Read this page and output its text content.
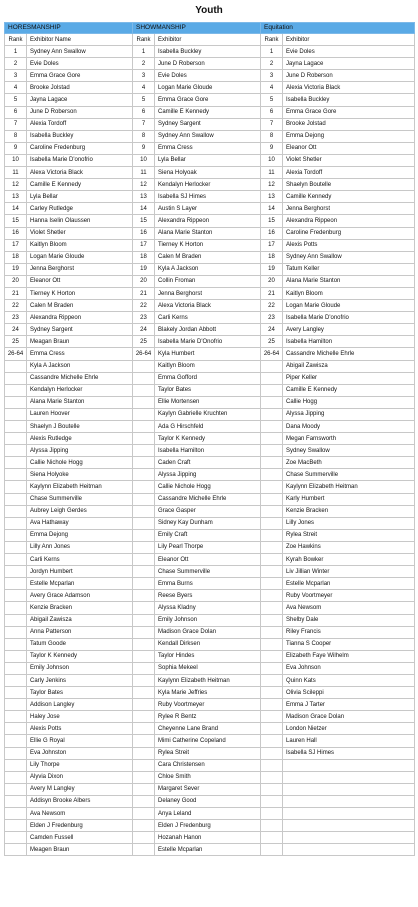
Youth
HORESMANSHIP		SHOWMANSHIP		Equitation	
Rank	Exhibitor Name	Rank	Exhibitor	Rank	Exhibitor
1	Sydney Ann Swallow	1	Isabella Buckley	1	Evie Doles
2	Evie Doles	2	June D Roberson	2	Jayna Lagace
3	Emma Grace Gore	3	Evie Doles	3	June D Roberson
4	Brooke Jolstad	4	Logan Marie Gloude	4	Alexia Victoria Black
5	Jayna Lagace	5	Emma Grace Gore	5	Isabella Buckley
6	June D Roberson	6	Camille E Kennedy	6	Emma Grace Gore
7	Alexia Tordoff	7	Sydney Sargent	7	Brooke Jolstad
8	Isabella Buckley	8	Sydney Ann Swallow	8	Emma Dejong
9	Caroline Fredenburg	9	Emma Cress	9	Eleanor Ott
10	Isabella Marie D'onofrio	10	Lyla Bellar	10	Violet Shetler
11	Alexa Victoria Black	11	Siena Holyoak	11	Alexia Tordoff
12	Camille E Kennedy	12	Kendalyn Herlocker	12	Shaelyn Boutelle
13	Lyla Bellar	13	Isabella SJ Himes	13	Camille Kennedy
14	Carley Rutledge	14	Austin S Layer	14	Jenna Berghorst
15	Hanna Iselin Olaussen	15	Alexandra Rippeon	15	Alexandra Rippeon
16	Violet Shetler	16	Alana Marie Stanton	16	Caroline Fredenburg
17	Kaitlyn Bloom	17	Tierney K Horton	17	Alexis Potts
18	Logan Marie Gloude	18	Calen M Braden	18	Sydney Ann Swallow
19	Jenna Berghorst	19	Kyla A Jackson	19	Tatum Keller
20	Eleanor Ott	20	Collin Froman	20	Alana Marie Stanton
21	Tierney K Horton	21	Jenna Berghorst	21	Kaitlyn Bloom
22	Calen M Braden	22	Alexa Victoria Black	22	Logan Marie Gloude
23	Alexandra Rippeon	23	Carli Kerns	23	Isabella Marie D'onofrio
24	Sydney Sargent	24	Blakely Jordan Abbott	24	Avery Langley
25	Meagan Braun	25	Isabella Marie D'Onofrio	25	Isabella Hamilton
26-64	Emma Cress	26-64	Kyla Humbert	26-64	Cassandre Michelle Ehrle
	Kyla A Jackson		Kaitlyn Bloom		Abigail Zawisza
	Cassandre Michelle Ehrle		Emma Gofford		Piper Keller
	Kendalyn Herlocker		Taylor Bates		Camille E Kennedy
	Alana Marie Stanton		Ellie Mortensen		Callie Hogg
	Lauren Hoover		Kaylyn Gabrielle Kruchten		Alyssa Jipping
	Shaelyn J Boutelle		Ada G Hirschfeld		Dana Moody
	Alexis Rutledge		Taylor K Kennedy		Megan Farnsworth
	Alyssa Jipping		Isabella Hamilton		Sydney Swallow
	Callie Nichole Hogg		Caden Craft		Zoe MacBeth
	Siena Holyoke		Alyssa Jipping		Chase Summerville
	Kaylynn Elizabeth Heitman		Callie Nichole Hogg		Kaylynn Elizabeth Heitman
	Chase Summerville		Cassandre Michelle Ehrle		Karly Humbert
	Aubrey Leigh Gerdes		Grace Gasper		Kenzie Bracken
	Ava Hathaway		Sidney Kay Dunham		Lilly Jones
	Emma Dejong		Emily Craft		Rylea Streit
	Lilly Ann Jones		Lily Pearl Thorpe		Zoe Hawkins
	Carli Kerns		Eleanor Ott		Kyrah Bowker
	Jordyn Humbert		Chase Summerville		Liv Jillian Winter
	Estelle Mcparlan		Emma Burns		Estelle Mcparlan
	Avery Grace Adamson		Reese Byers		Ruby Voortmeyer
	Kenzie Bracken		Alyssa Kladny		Ava Newsom
	Abigail Zawisza		Emily Johnson		Shelby Dale
	Anna Patterson		Madison Grace Dolan		Riley Francis
	Tatum Goode		Kendall Dirksen		Tianna S Cooper
	Taylor K Kennedy		Taylor Hindes		Elizabeth Faye Wilhelm
	Emily Johnson		Sophia Mekeel		Eva Johnson
	Carly Jenkins		Kaylynn Elizabeth Heitman		Quinn Kats
	Taylor Bates		Kyla Marie Jeffries		Olivia Scileppi
	Addison Langley		Ruby Voortmeyer		Emma J Tarter
	Haley Jose		Rylee R Bentz		Madison Grace Dolan
	Alexis Potts		Cheyenne Lane Brand		London Nietzer
	Ellie G Royal		Mimi Catherine Copeland		Lauren Hall
	Eva Johnston		Rylea Streit		Isabella SJ Himes
	Lily Thorpe		Cara Christensen		
	Alyvia Dixon		Chloe Smith		
	Avery M Langley		Margaret Sever		
	Addisyn Brooke Albers		Delaney Good		
	Ava Newsom		Anya Leland		
	Elden J Fredenburg		Elden J Fredenburg		
	Camden Fussell		Hozanah Hanon		
	Meagen Braun		Estelle Mcparlan		
